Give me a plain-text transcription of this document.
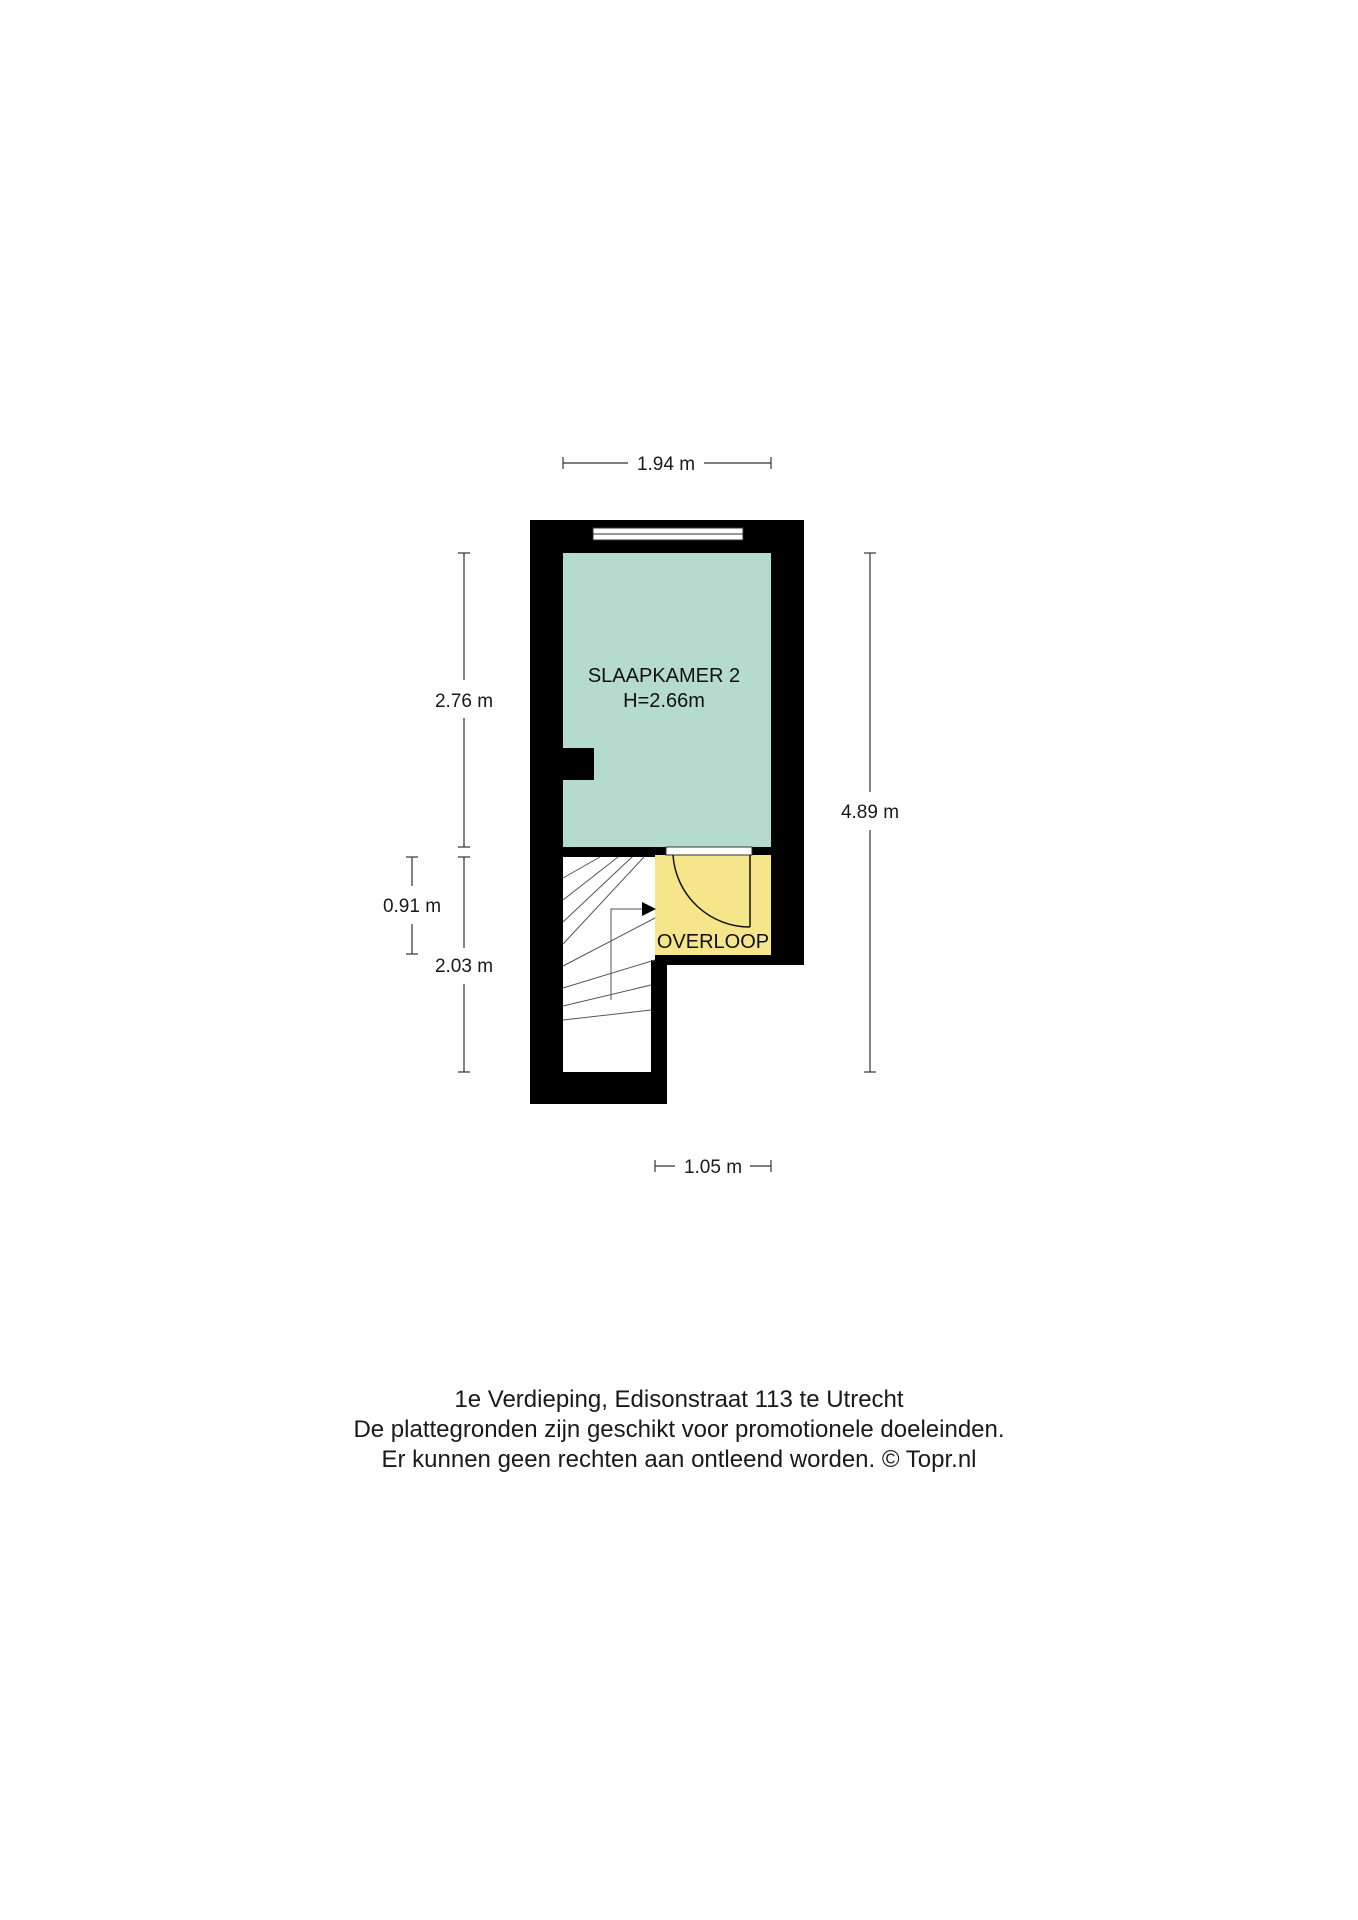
SLAAPKAMER 2
H=2.66m
OVERLOOP
1.94 m
1.05 m
2.76 m
0.91 m
2.03 m
4.89 m
1e Verdieping, Edisonstraat 113 te Utrecht
De plattegronden zijn geschikt voor promotionele doeleinden.
Er kunnen geen rechten aan ontleend worden. © Topr.nl
